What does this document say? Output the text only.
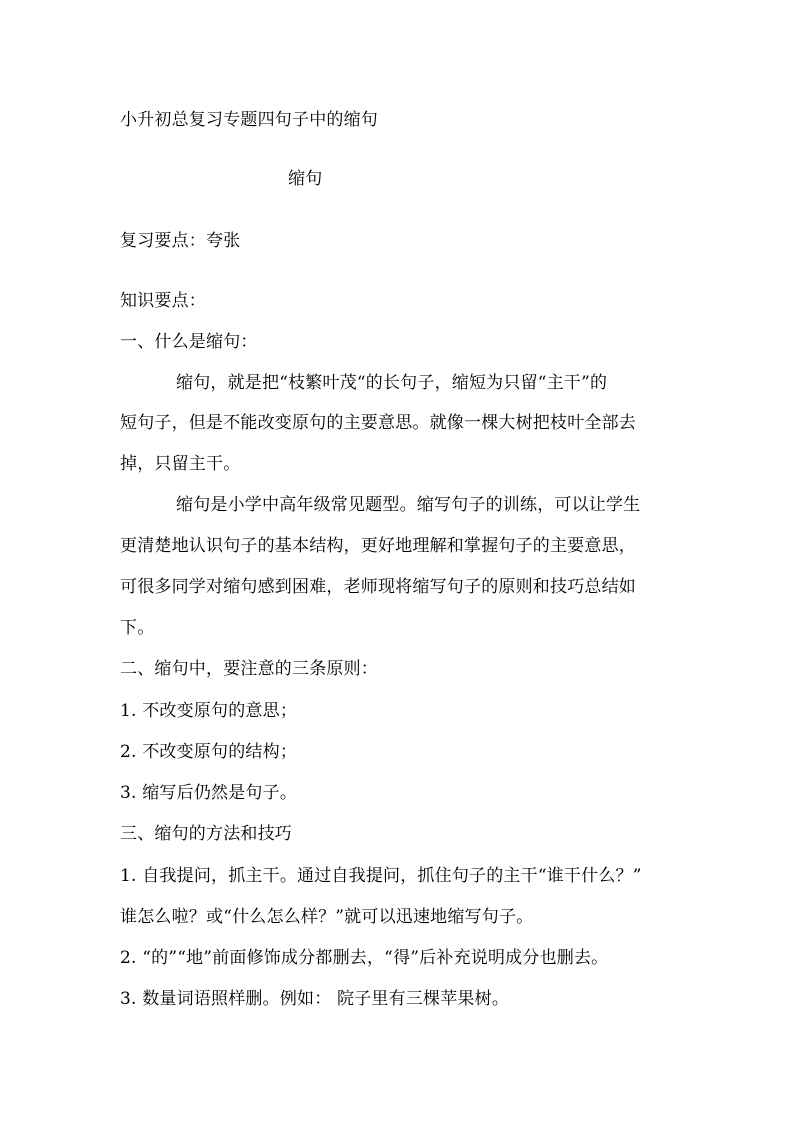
小升初总复习专题四句子中的缩句
缩句
复习要点：夸张
知识要点：
一、什么是缩句：
缩句，就是把“枝繁叶茂“的长句子，缩短为只留“主干”的
短句子，但是不能改变原句的主要意思。就像一棵大树把枝叶全部去
掉，只留主干。
缩句是小学中高年级常见题型。缩写句子的训练，可以让学生
更清楚地认识句子的基本结构，更好地理解和掌握句子的主要意思，
可很多同学对缩句感到困难，老师现将缩写句子的原则和技巧总结如
下。
二、缩句中，要注意的三条原则：
1. 不改变原句的意思；
2. 不改变原句的结构；
3. 缩写后仍然是句子。
三、缩句的方法和技巧
1. 自我提问，抓主干。通过自我提问，抓住句子的主干“谁干什么？”
谁怎么啦？或“什么怎么样？”就可以迅速地缩写句子。
2. “的”“地”前面修饰成分都删去，“得”后补充说明成分也删去。
3. 数量词语照样删。例如： 院子里有三棵苹果树。
